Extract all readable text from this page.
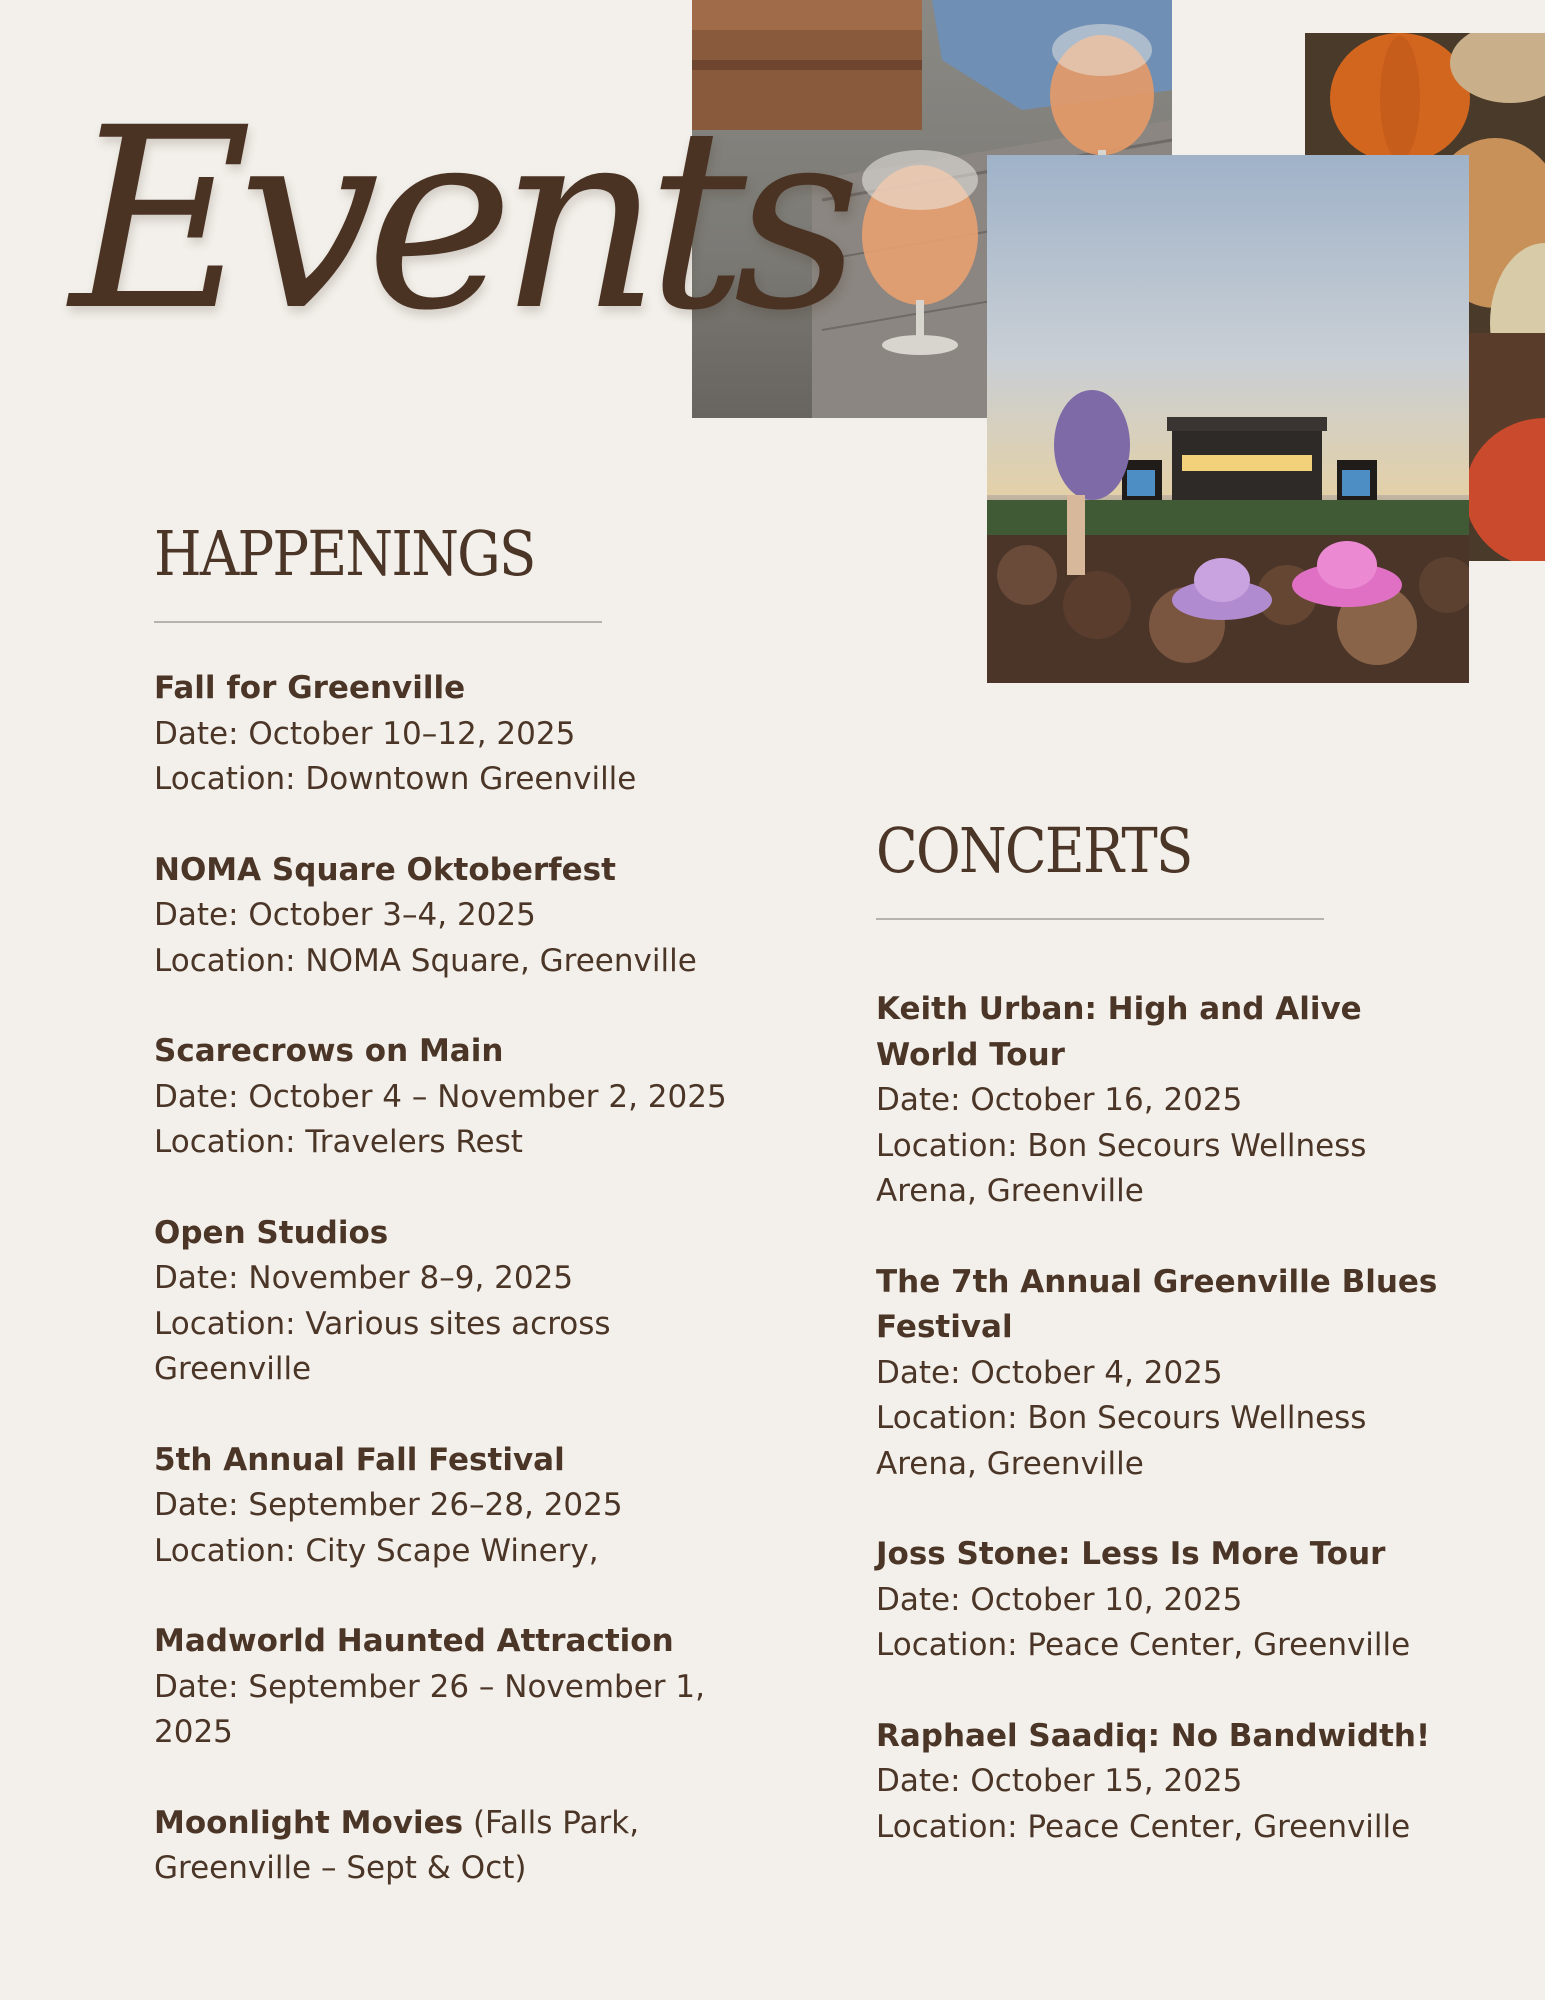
Events
HAPPENINGS
Fall for Greenville
Date: October 10–12, 2025
Location: Downtown Greenville
NOMA Square Oktoberfest
Date: October 3–4, 2025
Location: NOMA Square, Greenville
Scarecrows on Main
Date: October 4 – November 2, 2025
Location: Travelers Rest
Open Studios
Date: November 8–9, 2025
Location: Various sites across Greenville
5th Annual Fall Festival
Date: September 26–28, 2025
Location: City Scape Winery,
Madworld Haunted Attraction
Date: September 26 – November 1, 2025
Moonlight Movies (Falls Park, Greenville – Sept & Oct)
CONCERTS
Keith Urban: High and Alive World Tour
Date: October 16, 2025
Location: Bon Secours Wellness Arena, Greenville
The 7th Annual Greenville Blues Festival
Date: October 4, 2025
Location: Bon Secours Wellness Arena, Greenville
Joss Stone: Less Is More Tour
Date: October 10, 2025
Location: Peace Center, Greenville
Raphael Saadiq: No Bandwidth!
Date: October 15, 2025
Location: Peace Center, Greenville
